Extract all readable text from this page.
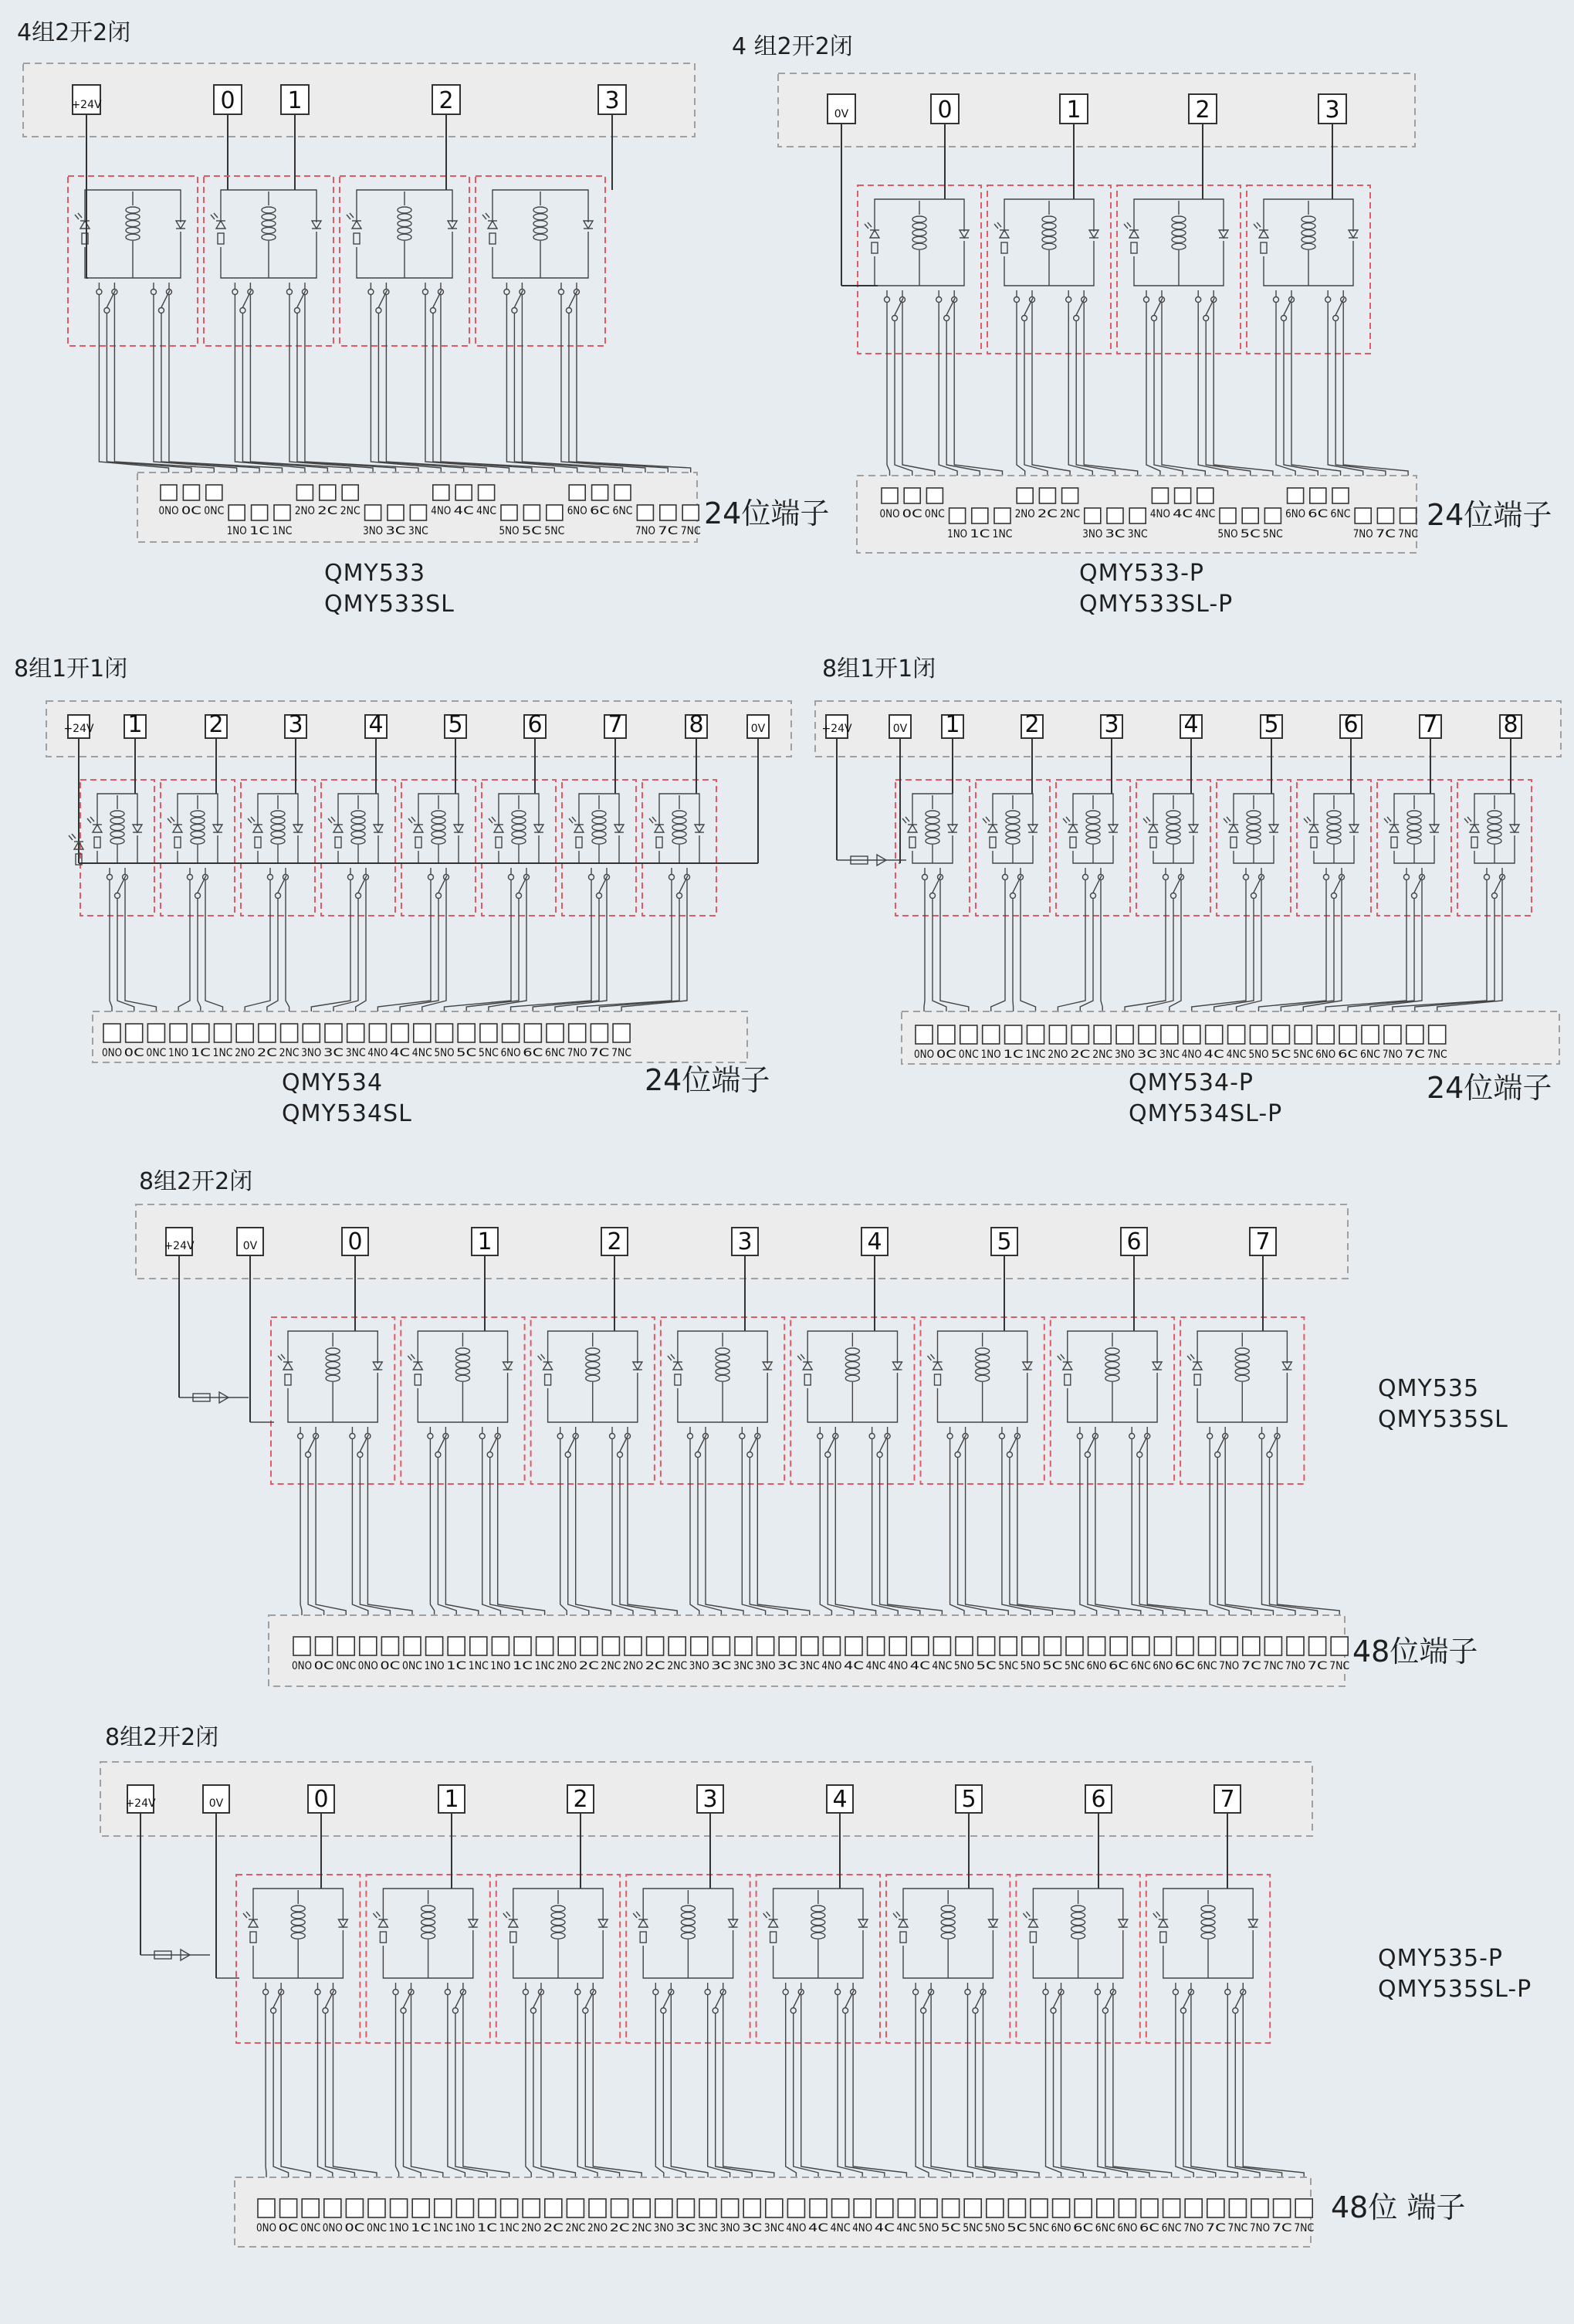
4组2开2闭
+24V	0 1	2	3
0NO 0C 0NC
1NO 1C 1NC
2NO 2C 2NC
3NO 3C 3NC
4NO 4C 4NC
5NO 5C 5NC
6NO 6C 6NC
7NO 7C 7NC
24位端子
QMY533
QMY533SL
4 组2开2闭
0V	0	1	2	3
0NO 0C 0NC
1NO 1C 1NC
2NO 2C 2NC
3NO 3C 3NC
4NO 4C 4NC
5NO 5C 5NC
6NO 6C 6NC
7NO 7C 7NC
24位端子
QMY533-P
QMY533SL-P
8组1开1闭
+24V 1	2	3	4	5	6	7	8	0V
0NO 0C 0NC 1NO 1C 1NC 2NO 2C 2NC 3NO 3C 3NC 4NO 4C 4NC 5NO 5C 5NC 6NO 6C 6NC 7NO 7C 7NC
24位端子
QMY534
QMY534SL
8组1开1闭
+24V	0V 1	2	3	4	5	6	7	8
0NO 0C 0NC 1NO 1C 1NC 2NO 2C 2NC 3NO 3C 3NC 4NO 4C 4NC 5NO 5C 5NC 6NO 6C 6NC 7NO 7C 7NC
24位端子
QMY534-P
QMY534SL-P
8组2开2闭
+24V	0V	0	1	2	3	4	5	6	7
0NO 0C 0NC 0NO 0C 0NC 1NO 1C 1NC 1NO 1C 1NC 2NO 2C 2NC 2NO 2C 2NC 3NO 3C 3NC 3NO 3C 3NC 4NO 4C 4NC 4NO 4C 4NC 5NO 5C 5NC 5NO 5C 5NC 6NO 6C 6NC 6NO 6C 6NC 7NO 7C 7NC 7NO 7C 7NC 48位端子
QMY535
QMY535SL
8组2开2闭
+24V	0V	0	1	2	3	4	5	6	7
0NO 0C 0NC 0NO 0C 0NC 1NO 1C 1NC 1NO 1C 1NC 2NO 2C 2NC 2NO 2C 2NC 3NO 3C 3NC 3NO 3C 3NC 4NO 4C 4NC 4NO 4C 4NC 5NO 5C 5NC 5NO 5C 5NC 6NO 6C 6NC 6NO 6C 6NC 7NO 7C 7NC 7NO 7C 7NC
48位 端子
QMY535-P
QMY535SL-P
